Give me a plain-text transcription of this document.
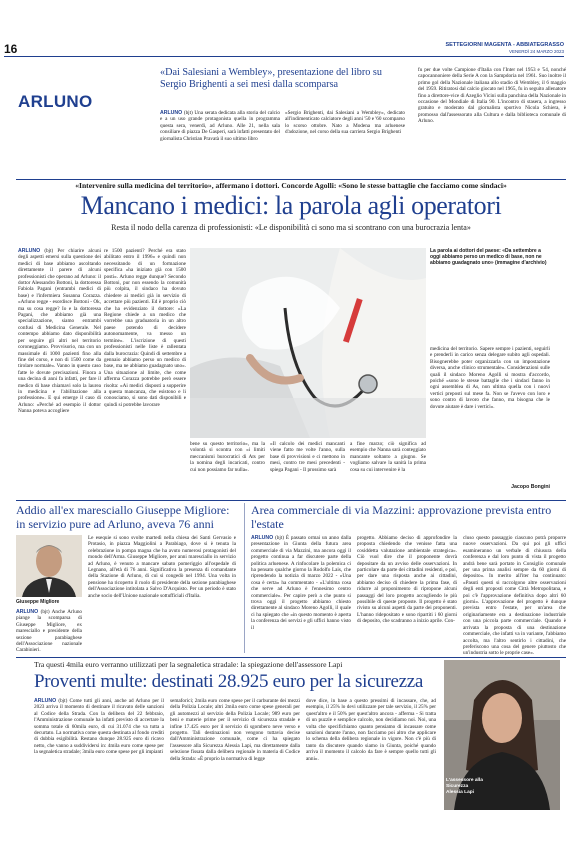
16	SETTEGIORNI MAGENTA - ABBIATEGRASSO
VENERDÌ 24 MARZO 2023
ARLUNO
«Dai Salesiani a Wembley», presentazione del libro su Sergio Brighenti a sei mesi dalla scomparsa
ARLUNO (bjt) Una serata dedicata alla storia del calcio e a un uso grande protagonista quella in programma questa sera, venerdì, ad Arluno. Alle 21, nella sala consiliare di piazza De Gasperi, sarà infatti presentato del giornalista Christian Pravatà il suo ultimo libro
«Sergio Brighenti, dai Salesiani a Wembley», dedicato all'indimenticato calciatore degli anni '50 e '60 scomparso lo scorso ottobre. Nato a Modena ma arluenese d'adozione, nel corso della sua carriera Sergio Brighenti
fu per due volte Campione d'Italia con l'Inter nel 1953 e '54, nonché capocannoniere della Serie A con la Sampdoria nel 1961. Suo inoltre il primo gol della Nazionale italiana allo stadio di Wembley, il 6 maggio del 1959. Ritiratosi dal calcio giocato nel 1965, fu in seguito allenatore fino a direttore-vice di Azeglio Vicini sulla panchina della Nazionale in occasione del Mondiale di Italia 90. L'incontro di stasera, a ingresso gratuito e moderato dal giornalista sportivo Nicola Schiera, è promosso dall'assessorato alla Cultura e dalla biblioteca comunale di Arluno.
«Intervenire sulla medicina del territorio», affermano i dottori. Concorde Agolli: «Sono le stesse battaglie che facciamo come sindaci»
Mancano i medici: la parola agli operatori
Resta il nodo della carenza di professionisti: «Le disponibilità ci sono ma si scontrano con una burocrazia lenta»
ARLUNO (bjt) Per chiarire alcuni degli aspetti emersi sulla questione dei medici di base abbiamo ascoltando direttamente il parere di alcuni professionisti che operano ad Arluno: il dottor Alessandro Bottoni, la dottoressa Fabiola Pagani (entrambi medici di base) e l'infermiera Susanna Corazza. «Arluno regge - esordisce Bottoni - Ok, ma su cosa regge? Io e la dottoressa Pagani, che abbiamo già una specializzazione, siamo entrambi confusi di Medicina Generale. Nel contempo abbiamo dato disponibilità per seguire gli altri nel territorio coroneggiamo. Provvisorio, ma con un massimale di 1000 pazienti fino alla fine del corso, e non di 1500 come da tirolare normale». Vanno in questo caso fatte le dovute precisazioni. Finora a una decina di anni fa infatti, per fare il medico di base chiamavi solo la laurea in medicina e l'abilitazione alla professione». E qui emerge il caso di Arluno: «Perché ad esempio il dottor Nanna poteva accogliere
re 1500 pazienti? Perché era stato abilitato entro il 1996» e quindi non necessitando di un formazione specifica «ha iniziato già con 1500 posti». Arluno regge dunque? Secondo Bottoni, pur non essendo la comunità più colpita, il sindaco ha dovuto chiedere ai medici già in servizio di accettare più pazienti. Ed è proprio ciò che ha evidenziato il dottore: «La Regione chiede a un medico che vorrebbe una graduatoria in un altro paese potendo di decidere autonomamente, va messo un termine». L'iscrizione di questi professionisti nelle liste è rallentata dalla burocrazia: Quindi di settembre a gennaio abbiamo perso un medico di base, ma ne abbiamo guadagnato uno». Una situazione al limite, che come afferma Corazza potrebbe però essere risolta: «Ai medici disposti a sopperire a questa mancanza, che esistono e li conosciamo, si sono dati disponibili e quindi si potrebbe lavorare
La parola ai dottori del paese: «Da settembre a oggi abbiamo perso un medico di base, non ne abbiamo guadagnato uno» (immagine d'archivio)
bene su questo territorio», ma la volontà si scontra con «i limiti meccanismi burocratici di Ats per la nomina degli incaricati, contro cui non possiamo far nulla».
«Il calcolo dei medici mancanti viene fatto me volte l'anno, sulla base di provvisioni e ci mettono in mesi, contro tre mesi precedenti - spiega Pagani - Il prossimo sarà
a fine marzo; ciò significa ad esempio che Nanna sarà conteggiato mancante soltanto a giugno. Se vogliamo salvare la sanità la prima cosa su cui intervenire è la
medicina del territorio. Sapere sempre i pazienti, seguirli e prenderli in carico senza delegare subito agli ospedali. Bisognerebbe poter organizzarla con un impostazione diversa, anche clinico strumentale». Considerazioni sulle quali il sindaco Moreno Agolli si mostra d'accordo, poiché «sono le stesse battaglie che i sindaci fanno in ogni assemblea di As, non ultima quella con i nuovi vertici preposti sul mese fa. Non se l'avevo con loro e sono contro di lavoro che fanno, ma bisogna che le dovute aiutare è dare i vertici».
Jacopo Bongini
Addio all'ex maresciallo Giuseppe Migliore: in servizio pure ad Arluno, aveva 76 anni
Giuseppe Migliore
ARLUNO (bjt) Anche Arluno piange la scomparsa di Giuseppe Migliore, ex maresciallo e presidente della sezione parabiaghese dell'Associazione nazionale Carabinieri.
Le esequie si sono svolte martedì nella chiesa dei Santi Gervasio e Protasio, in piazza Maggiolini a Parabiago, dove si è tenuta la celebrazione in pompa magna che ha avuto numerosi protagonisti del mondo dell'Arma. Giuseppe Migliore, per anni maresciallo in servizio ad Arluno, è venuto a mancare sabato pomeriggio all'ospedale di Legnano, all'età di 76 anni. Significativa la presenza di comandante della Stazione di Arluno, di cui si congedò nel 1994. Una volta in pensione ha ricoperto il ruolo di presidente della sezione parabiaghese dell'Associazione intitolata a Salvo D'Acquisto. Per un periodo è stato anche socio dell'Unione nazionale sottufficiali d'Italia.
Area commerciale di via Mazzini: approvazione prevista entro l'estate
ARLUNO (bjt) È passato ormai un anno dalla presentazione in Giunta della futura area commerciale di via Mazzini, ma ancora oggi il progetto continua a far discutere parte della politica arluenese. A rinfocolare la polemica ci ha pensato qualche giorno la Rodolfo Lais, che riprendendo la notizia di marzo 2022 - «Una cosa è certa» ha commentato - «L'ultima cosa che serve ad Arluno è l'ennesimo centro commerciale». Per capire però a che punto si trova oggi il progetto abbiamo chiesto direttamente al sindaco Moreno Agolli, il quale ci ha spiegato che «in questo momento è aperta la conferenza dei servizi e gli uffici hanno visto il
progetto. Abbiamo deciso di approfondire la proposta chiedendo che venisse fatta una cosiddetta valutazione ambientale strategica». Ciò vuol dire che il proponente dovrà depositare da un avviso delle osservazioni. In particolare da parte dei cittadini residenti, e poi, per dare una risposta anche ai cittadini, abbiamo deciso di chiedere la prima fase, di ridurre al proponimento di ripropone alcuni passaggi del loro progetto accogliendo le più possibile di queste proposte. Il progetto è stato rivisto su alcuni aspetti da parte dei proponenti. L'hanno ridepositato e sono ripartiti i 60 giorni di deposito, che scadranno a inizio aprile. Con-
cluso questo passaggio ciascuno potrà proporre nuove osservazioni. Da qui poi gli uffici esamineranno un verbale di chiusura della conferenza e dal loro punto di vista il progetto andrà bene sarà portato in Consiglio comunale per una prima analisi sempre da 60 giorni di deposito». In merito all'iter ha continuato: «Pasuti questi si raccolgono altre osservazioni degli enti proposti come Città Metropolitana, e poi c'è l'approvazione definitiva dopo altri 60 giorni». L'approvazione del progetto è dunque prevista entro l'estate, per un'area che originariamente era a destinazione industriale con una piccola parte commerciale. Quando è arrivata la proposta di una destinazione commerciale, che infatti va in variante, l'abbiamo accolta, ma l'altro sentirlo i cittadini, che preferiscono una cosa del genere piuttosto che un'industria sotto le proprie case».
Tra questi 4mila euro verranno utilizzati per la segnaletica stradale: la spiegazione dell'assessore Lapi
Proventi multe: destinati 28.925 euro per la sicurezza
ARLUNO (bjt) Come tutti gli anni, anche ad Arluno per il 2023 arriva il momento di destinare il ricavato delle sanzioni al Codice della Strada. Con la delibera del 22 febbraio, l'Amministrazione comunale ha infatti previsto di accertare la somma totale di 60mila euro, di cui 31.074 che va tutta a decurtato. La normativa come questa destinata al fondo crediti di dubbia esigibilità. Restano dunque 28.925 euro di ricavo netto, che vanno a suddividersi in: 4mila euro come spese per la segnaletica stradale; 3mila euro come spese per gli impianti
semaforici; 2mila euro come spese per il carburante dei mezzi della Polizia Locale; altri 2mila euro come spese generali per gli automezzi al servizio della Polizia Locale; 989 euro per beni e materie prime per il servizio di sicurezza stradale e infine 17.425 euro per il servizio di sgombero neve verso e progetto. Tali destinazioni non vengono tuttavia decise dall'Amministrazione comunale, come ci ha spiegato l'assessore alla Sicurezza Alessia Lapi, ma direttamente dalla selezione fissata dalla delibera regionale in materia di Codice della Strada: «È proprio la normativa di legge
dove dice, in base a questo pressimi di incassare, che, ad esempio, il 25% lo devi utilizzare per tale servizio, il 25% per quest'altro e il 50% per quest'altro ancora - afferma - Si tratta di un puzzle e semplice calcolo, non decidiamo noi. Noi, una volta che specifichiamo quanto pensiamo di incassare come sanzioni durante l'anno, non facciamo poi altro che applicare lo schema della delibera regionale in vigore. Non c'è più di tanto da discutere quando siamo in Giunta, poiché quando arriva il momento il calcolo da fare è sempre quello tutti gli anni».
L'assessore alla Sicurezza Alessia Lapi
